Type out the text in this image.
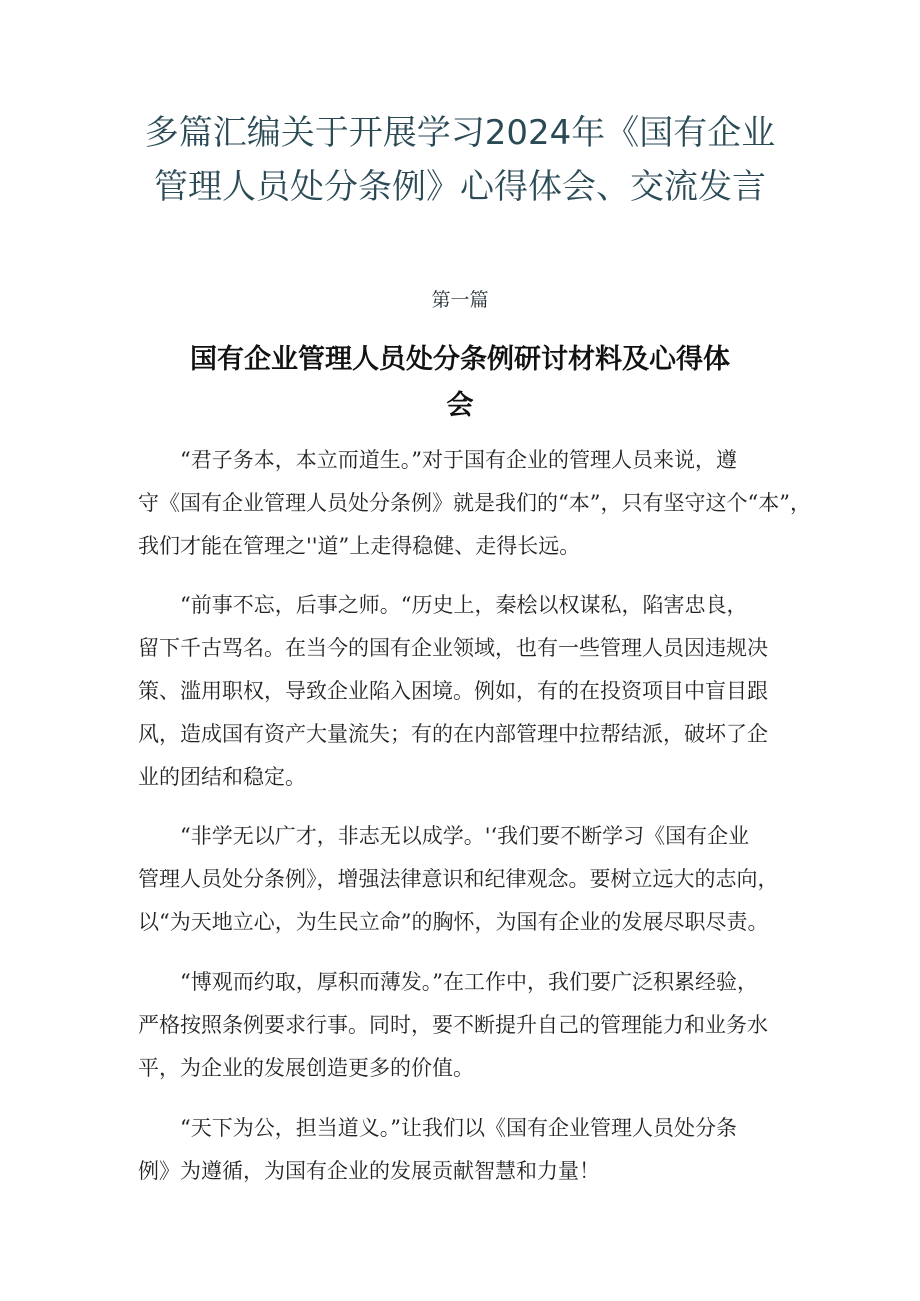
多篇汇编关于开展学习2024年《国有企业
管理人员处分条例》心得体会、交流发言
第一篇
国有企业管理人员处分条例研讨材料及心得体
会
　　“君子务本，本立而道生。”对于国有企业的管理人员来说，遵
守《国有企业管理人员处分条例》就是我们的“本”，只有坚守这个“本”，
我们才能在管理之''道”上走得稳健、走得长远。
　　“前事不忘，后事之师。“历史上，秦桧以权谋私，陷害忠良，
留下千古骂名。在当今的国有企业领域，也有一些管理人员因违规决
策、滥用职权，导致企业陷入困境。例如，有的在投资项目中盲目跟
风，造成国有资产大量流失；有的在内部管理中拉帮结派，破坏了企
业的团结和稳定。
　　“非学无以广才，非志无以成学。'‘我们要不断学习《国有企业
管理人员处分条例》，增强法律意识和纪律观念。要树立远大的志向，
以“为天地立心，为生民立命”的胸怀，为国有企业的发展尽职尽责。
　　“博观而约取，厚积而薄发。”在工作中，我们要广泛积累经验，
严格按照条例要求行事。同时，要不断提升自己的管理能力和业务水
平，为企业的发展创造更多的价值。
　　“天下为公，担当道义。”让我们以《国有企业管理人员处分条
例》为遵循，为国有企业的发展贡献智慧和力量！
